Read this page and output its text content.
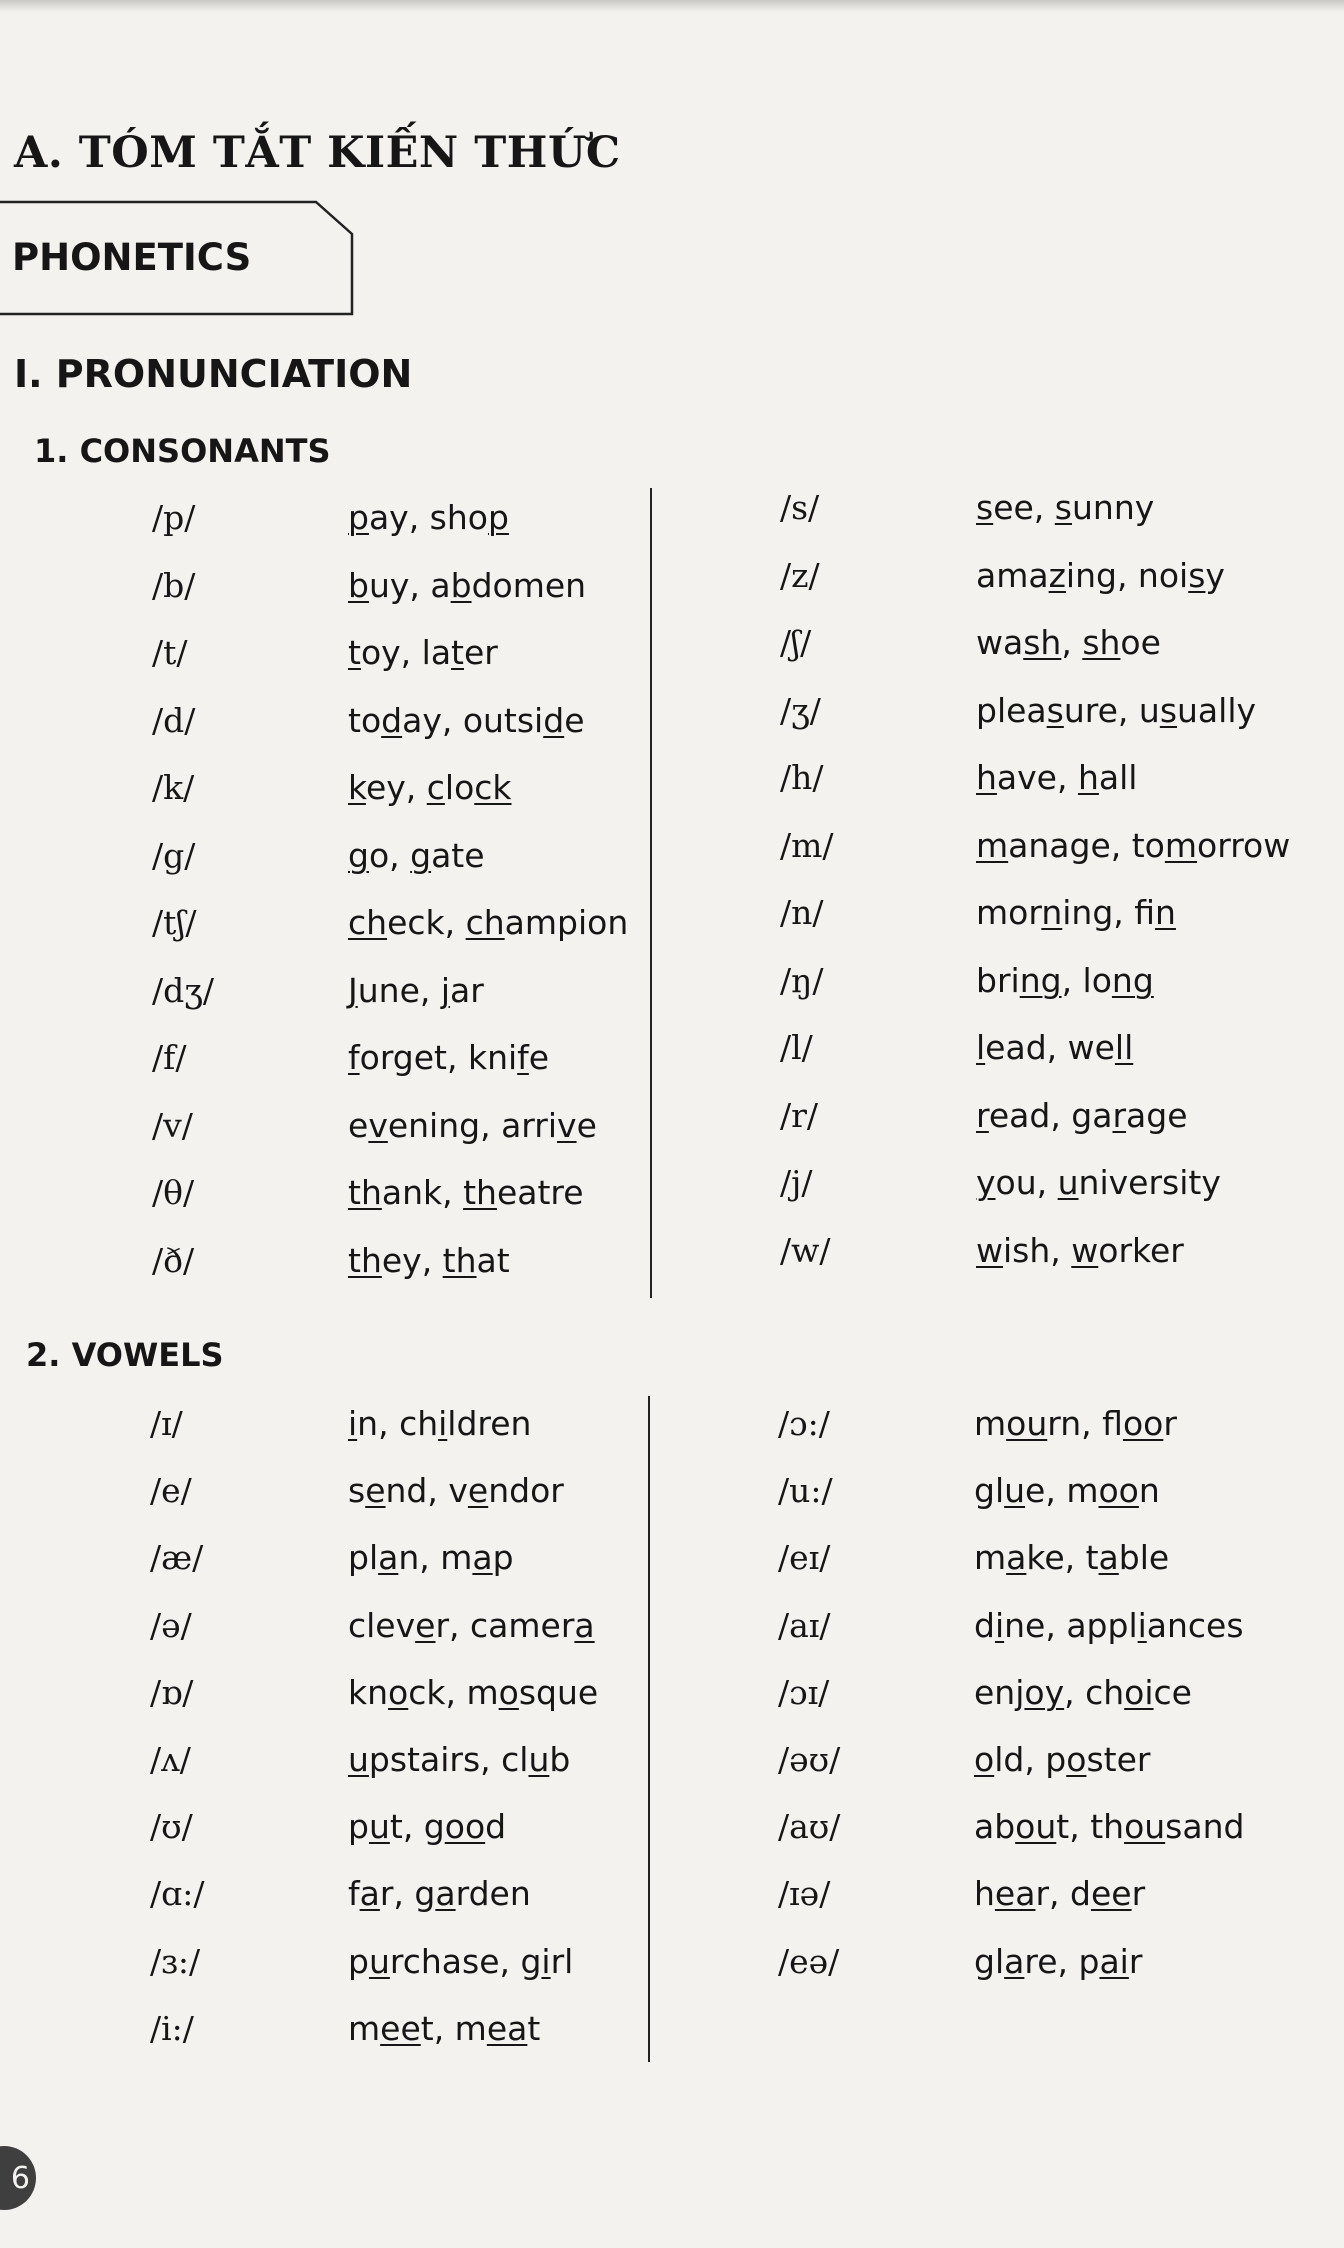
A. TÓM TẮT KIẾN THỨC
PHONETICS
I. PRONUNCIATION
1. CONSONANTS
2. VOWELS
/p/	pay, shop
/b/	buy, abdomen
/t/	toy, later
/d/	today, outside
/k/	key, clock
/g/	go, gate
/tʃ/	check, champion
/dʒ/	June, jar
/f/	forget, knife
/v/	evening, arrive
/θ/	thank, theatre
/ð/	they, that
/s/	see, sunny
/z/	amazing, noisy
/ʃ/	wash, shoe
/ʒ/	pleasure, usually
/h/	have, hall
/m/	manage, tomorrow
/n/	morning, fin
/ŋ/	bring, long
/l/	lead, well
/r/	read, garage
/j/	you, university
/w/	wish, worker
/ɪ/	in, children
/e/	send, vendor
/æ/	plan, map
/ə/	clever, camera
/ɒ/	knock, mosque
/ʌ/	upstairs, club
/ʊ/	put, good
/ɑ:/	far, garden
/ɜ:/	purchase, girl
/i:/	meet, meat
/ɔ:/	mourn, floor
/u:/	glue, moon
/eɪ/	make, table
/aɪ/	dine, appliances
/ɔɪ/	enjoy, choice
/əʊ/	old, poster
/aʊ/	about, thousand
/ɪə/	hear, deer
/eə/	glare, pair
6
